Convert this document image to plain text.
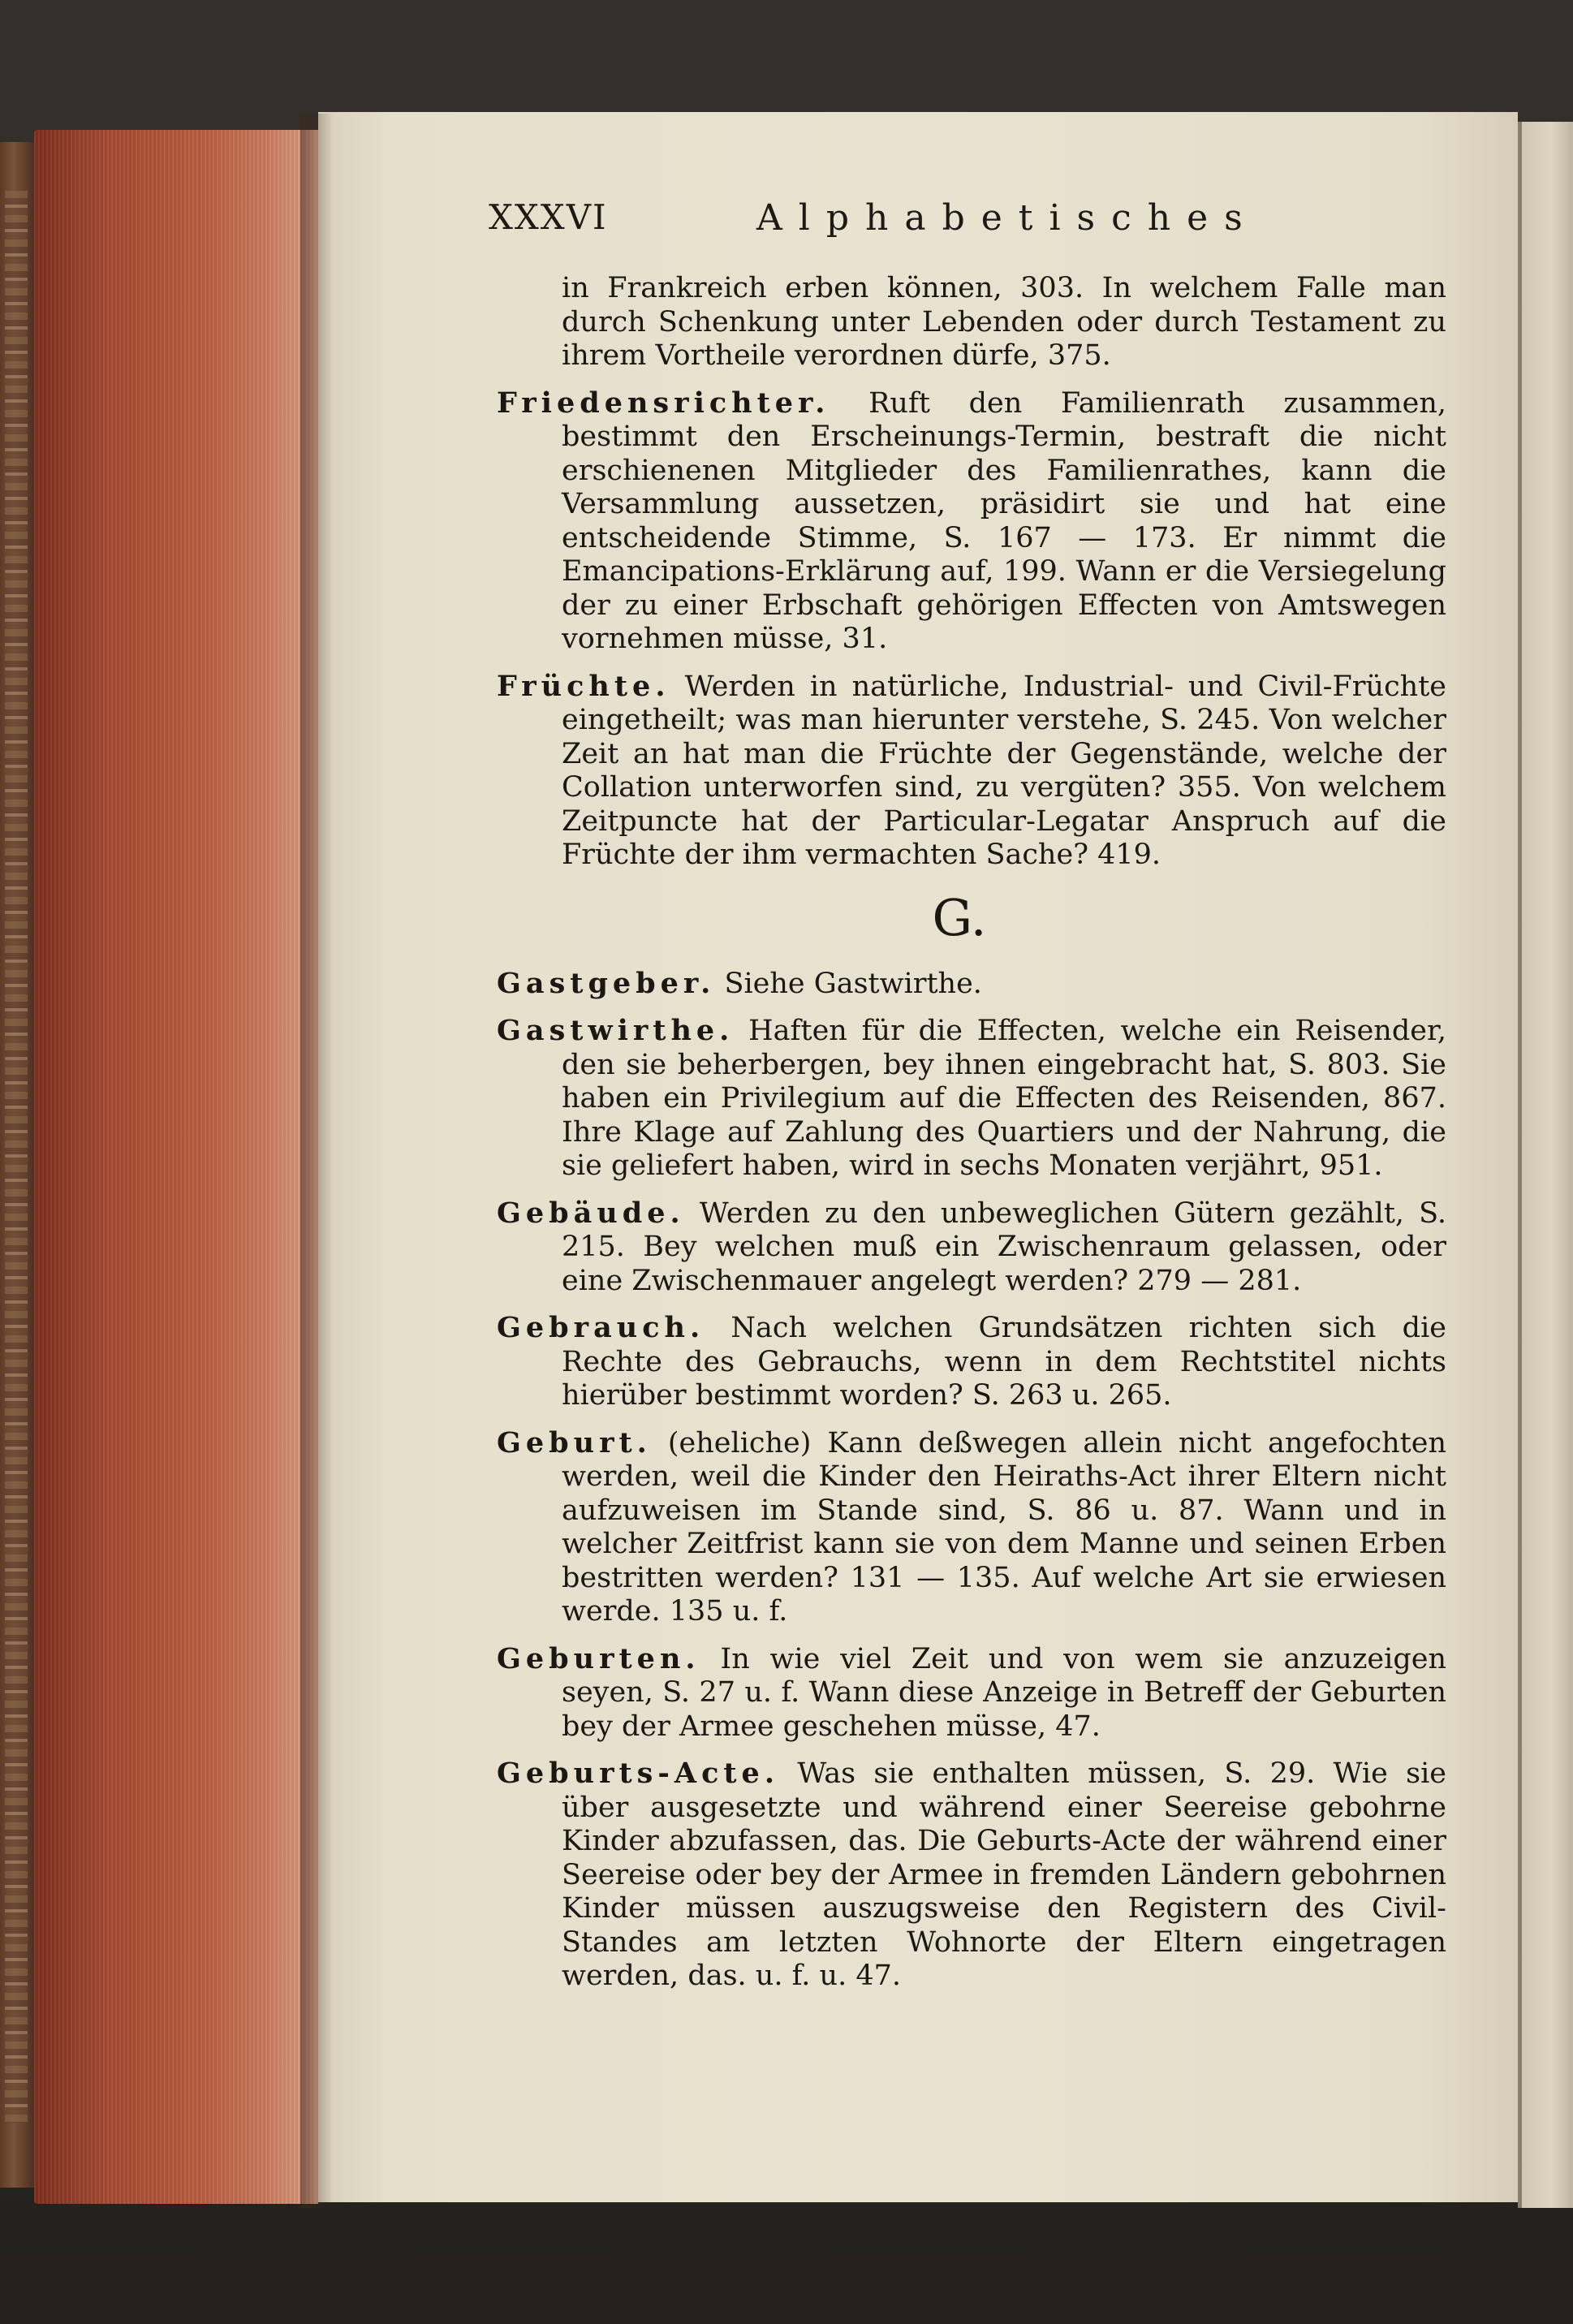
XXXVI	Alphabetisches

in Frankreich erben können, 303. In welchem Falle man durch Schenkung unter Lebenden oder durch Testament zu ihrem Vortheile verordnen dürfe, 375.

Friedensrichter. Ruft den Familienrath zusammen, bestimmt den Erscheinungs-Termin, bestraft die nicht erschienenen Mitglieder des Familienrathes, kann die Versammlung aussetzen, präsidirt sie und hat eine entscheidende Stimme, S. 167 — 173. Er nimmt die Emancipations-Erklärung auf, 199. Wann er die Versiegelung der zu einer Erbschaft gehörigen Effecten von Amtswegen vornehmen müsse, 31.

Früchte. Werden in natürliche, Industrial- und Civil-Früchte eingetheilt; was man hierunter verstehe, S. 245. Von welcher Zeit an hat man die Früchte der Gegenstände, welche der Collation unterworfen sind, zu vergüten? 355. Von welchem Zeitpuncte hat der Particular-Legatar Anspruch auf die Früchte der ihm vermachten Sache? 419.

G.

Gastgeber. Siehe Gastwirthe.

Gastwirthe. Haften für die Effecten, welche ein Reisender, den sie beherbergen, bey ihnen eingebracht hat, S. 803. Sie haben ein Privilegium auf die Effecten des Reisenden, 867. Ihre Klage auf Zahlung des Quartiers und der Nahrung, die sie geliefert haben, wird in sechs Monaten verjährt, 951.

Gebäude. Werden zu den unbeweglichen Gütern gezählt, S. 215. Bey welchen muß ein Zwischenraum gelassen, oder eine Zwischenmauer angelegt werden? 279 — 281.

Gebrauch. Nach welchen Grundsätzen richten sich die Rechte des Gebrauchs, wenn in dem Rechtstitel nichts hierüber bestimmt worden? S. 263 u. 265.

Geburt. (eheliche) Kann deßwegen allein nicht angefochten werden, weil die Kinder den Heiraths-Act ihrer Eltern nicht aufzuweisen im Stande sind, S. 86 u. 87. Wann und in welcher Zeitfrist kann sie von dem Manne und seinen Erben bestritten werden? 131 — 135. Auf welche Art sie erwiesen werde. 135 u. f.

Geburten. In wie viel Zeit und von wem sie anzuzeigen seyen, S. 27 u. f. Wann diese Anzeige in Betreff der Geburten bey der Armee geschehen müsse, 47.

Geburts-Acte. Was sie enthalten müssen, S. 29. Wie sie über ausgesetzte und während einer Seereise gebohrne Kinder abzufassen, das. Die Geburts-Acte der während einer Seereise oder bey der Armee in fremden Ländern gebohrnen Kinder müssen auszugsweise den Registern des Civil-Standes am letzten Wohnorte der Eltern eingetragen werden, das. u. f. u. 47.
